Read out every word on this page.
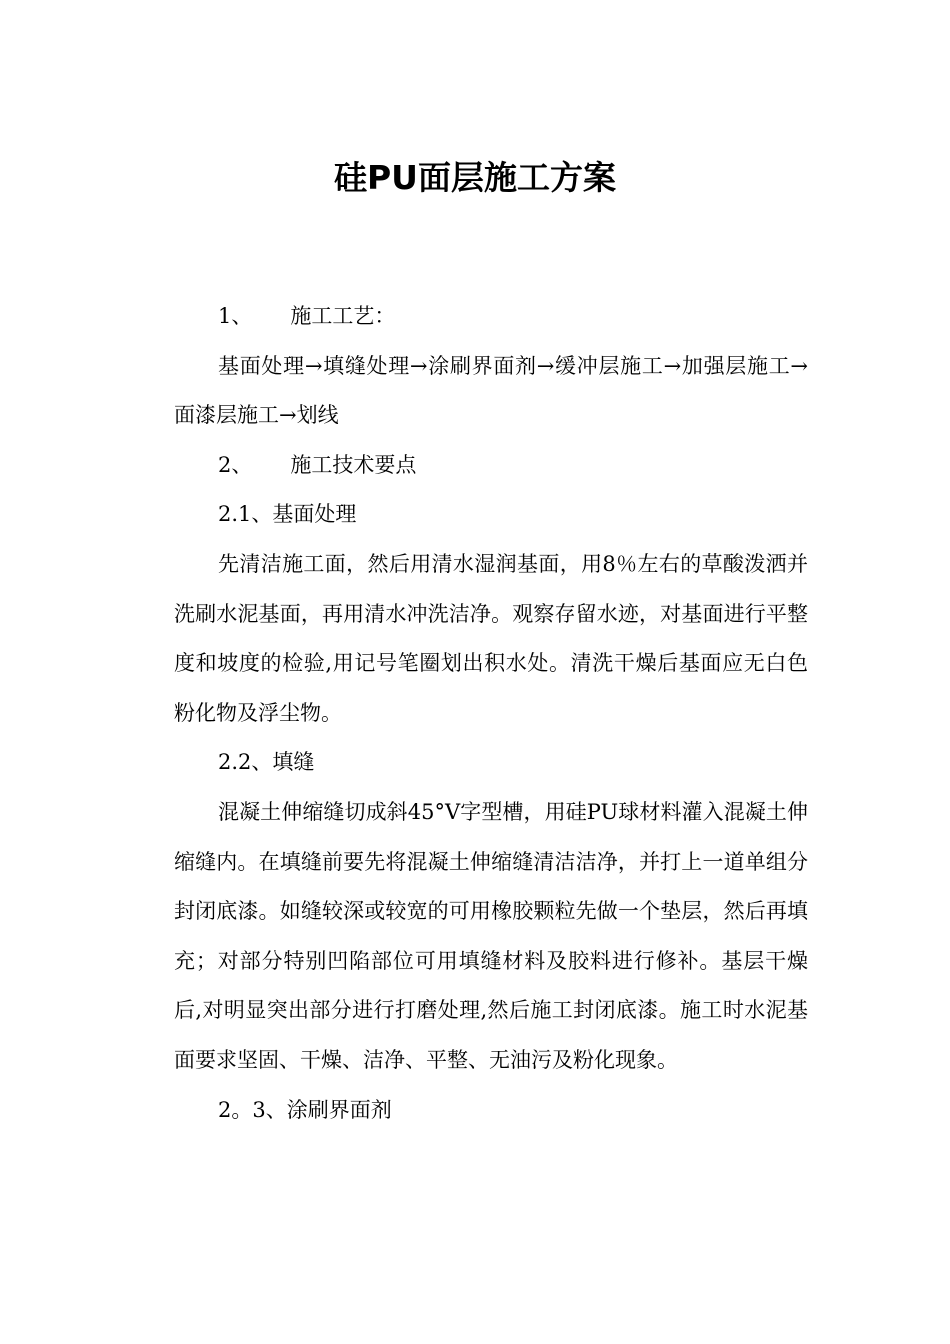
硅PU面层施工方案

1、 施工工艺：

基面处理→填缝处理→涂刷界面剂→缓冲层施工→加强层施工→面漆层施工→划线

2、 施工技术要点

2.1、基面处理

先清洁施工面，然后用清水湿润基面，用8％左右的草酸泼洒并洗刷水泥基面，再用清水冲洗洁净。观察存留水迹，对基面进行平整度和坡度的检验,用记号笔圈划出积水处。清洗干燥后基面应无白色粉化物及浮尘物。

2.2、填缝

混凝土伸缩缝切成斜45°V字型槽，用硅PU球材料灌入混凝土伸缩缝内。在填缝前要先将混凝土伸缩缝清洁洁净，并打上一道单组分封闭底漆。如缝较深或较宽的可用橡胶颗粒先做一个垫层，然后再填充；对部分特别凹陷部位可用填缝材料及胶料进行修补。基层干燥后,对明显突出部分进行打磨处理,然后施工封闭底漆。施工时水泥基面要求坚固、干燥、洁净、平整、无油污及粉化现象。

2。3、涂刷界面剂
